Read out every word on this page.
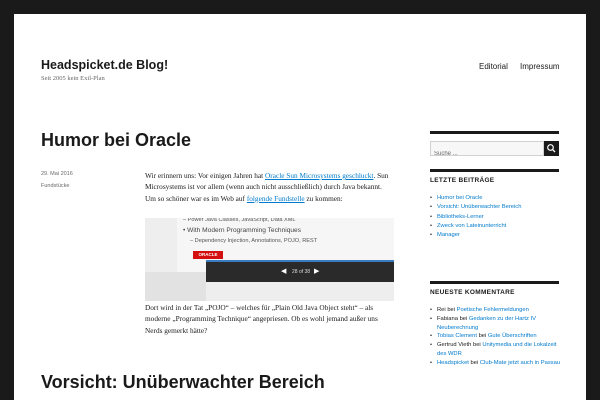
Headspicket.de Blog!
Seit 2005 kein Exil-Plan
Editorial Impressum
Humor bei Oracle
29. Mai 2016
Fundstücke
Wir erinnern uns: Vor einigen Jahren hat Oracle Sun Microsystems geschluckt. Sun Microsystems ist vor allem (wenn auch nicht ausschließlich) durch Java bekannt.
Um so schöner war es im Web auf folgende Fundstelle zu kommen:
– Power Java Classes, JavaScript, Data XML
• With Modern Programming Techniques
– Dependency Injection, Annotations, POJO, REST
ORACLE
◀ 28 of 38 ▶

Dort wird in der Tat „POJO“ – welches für „Plain Old Java Object steht“ – als moderne „Programming Technique“ angepriesen. Ob es wohl jemand außer uns Nerds gemerkt hätte?

Vorsicht: Unüberwachter Bereich
Suche ...
LETZTE BEITRÄGE
• Humor bei Oracle
• Vorsicht: Unüberwachter Bereich
• Bibliotheks-Lerner
• Zweck von Lateinunterricht
• Manager
NEUESTE KOMMENTARE
• Rei bei Poetische Fehlermeldungen
• Fabiana bei Gedanken zu der Hartz IV Neuberechnung
• Tobias Clement bei Gute Überschriften
• Gertrud Vieth bei Unitymedia und die Lokalzeit des WDR
• Headspicket bei Club-Mate jetzt auch in Passau
